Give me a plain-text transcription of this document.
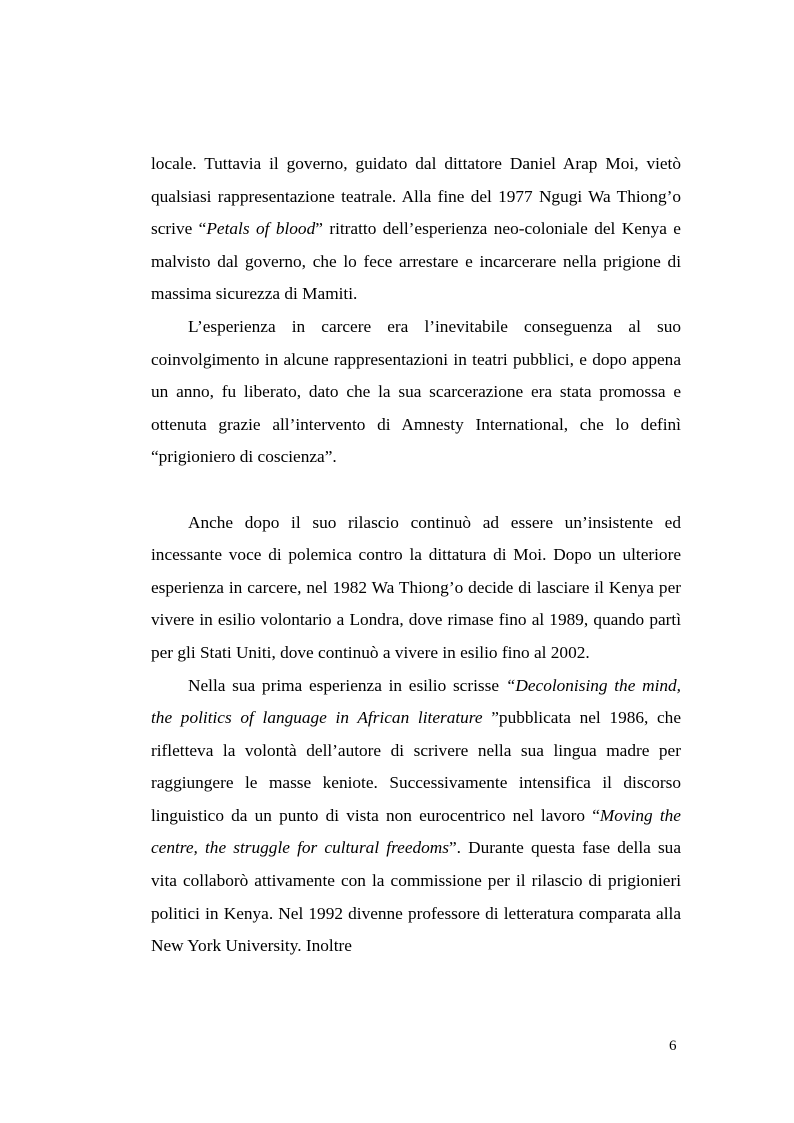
locale. Tuttavia il governo, guidato dal dittatore Daniel Arap Moi, vietò qualsiasi rappresentazione teatrale. Alla fine del 1977 Ngugi Wa Thiong’o scrive “Petals of blood” ritratto dell’esperienza neo-coloniale del Kenya e malvisto dal governo, che lo fece arrestare e incarcerare nella prigione di massima sicurezza di Mamiti.

L’esperienza in carcere era l’inevitabile conseguenza al suo coinvolgimento in alcune rappresentazioni in teatri pubblici, e dopo appena un anno, fu liberato, dato che la sua scarcerazione era stata promossa e ottenuta grazie all’intervento di Amnesty International, che lo definì “prigioniero di coscienza”.

Anche dopo il suo rilascio continuò ad essere un’insistente ed incessante voce di polemica contro la dittatura di Moi. Dopo un ulteriore esperienza in carcere, nel 1982 Wa Thiong’o decide di lasciare il Kenya per vivere in esilio volontario a Londra, dove rimase fino al 1989, quando partì per gli Stati Uniti, dove continuò a vivere in esilio fino al 2002.

Nella sua prima esperienza in esilio scrisse “Decolonising the mind, the politics of language in African literature ”pubblicata nel 1986, che rifletteva la volontà dell’autore di scrivere nella sua lingua madre per raggiungere le masse keniote. Successivamente intensifica il discorso linguistico da un punto di vista non eurocentrico nel lavoro “Moving the centre, the struggle for cultural freedoms”. Durante questa fase della sua vita collaborò attivamente con la commissione per il rilascio di prigionieri politici in Kenya. Nel 1992 divenne professore di letteratura comparata alla New York University. Inoltre

6
